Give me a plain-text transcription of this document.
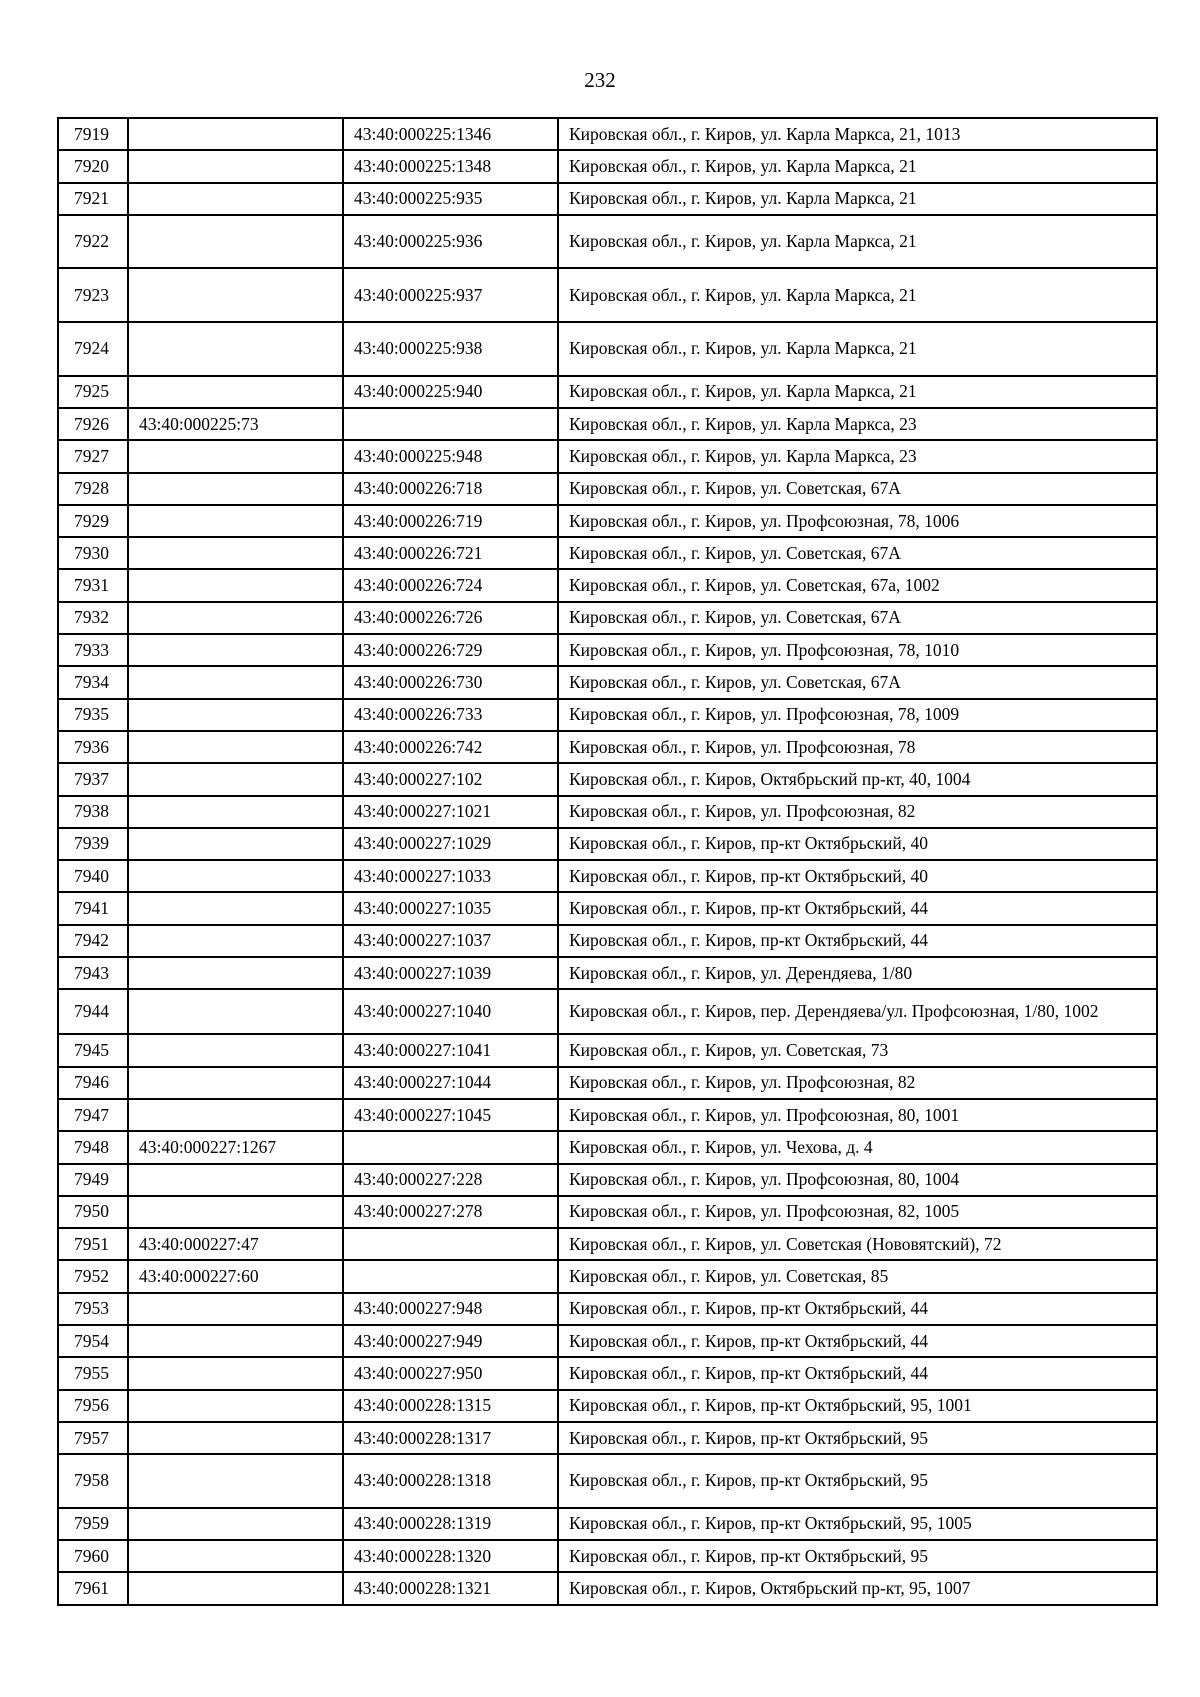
232
7919		43:40:000225:1346	Кировская обл., г. Киров, ул. Карла Маркса, 21, 1013
7920		43:40:000225:1348	Кировская обл., г. Киров, ул. Карла Маркса, 21
7921		43:40:000225:935	Кировская обл., г. Киров, ул. Карла Маркса, 21
7922		43:40:000225:936	Кировская обл., г. Киров, ул. Карла Маркса, 21
7923		43:40:000225:937	Кировская обл., г. Киров, ул. Карла Маркса, 21
7924		43:40:000225:938	Кировская обл., г. Киров, ул. Карла Маркса, 21
7925		43:40:000225:940	Кировская обл., г. Киров, ул. Карла Маркса, 21
7926	43:40:000225:73		Кировская обл., г. Киров, ул. Карла Маркса, 23
7927		43:40:000225:948	Кировская обл., г. Киров, ул. Карла Маркса, 23
7928		43:40:000226:718	Кировская обл., г. Киров, ул. Советская, 67А
7929		43:40:000226:719	Кировская обл., г. Киров, ул. Профсоюзная, 78, 1006
7930		43:40:000226:721	Кировская обл., г. Киров, ул. Советская, 67А
7931		43:40:000226:724	Кировская обл., г. Киров, ул. Советская, 67а, 1002
7932		43:40:000226:726	Кировская обл., г. Киров, ул. Советская, 67А
7933		43:40:000226:729	Кировская обл., г. Киров, ул. Профсоюзная, 78, 1010
7934		43:40:000226:730	Кировская обл., г. Киров, ул. Советская, 67А
7935		43:40:000226:733	Кировская обл., г. Киров, ул. Профсоюзная, 78, 1009
7936		43:40:000226:742	Кировская обл., г. Киров, ул. Профсоюзная, 78
7937		43:40:000227:102	Кировская обл., г. Киров, Октябрьский пр-кт, 40, 1004
7938		43:40:000227:1021	Кировская обл., г. Киров, ул. Профсоюзная, 82
7939		43:40:000227:1029	Кировская обл., г. Киров, пр-кт Октябрьский, 40
7940		43:40:000227:1033	Кировская обл., г. Киров, пр-кт Октябрьский, 40
7941		43:40:000227:1035	Кировская обл., г. Киров, пр-кт Октябрьский, 44
7942		43:40:000227:1037	Кировская обл., г. Киров, пр-кт Октябрьский, 44
7943		43:40:000227:1039	Кировская обл., г. Киров, ул. Дерендяева, 1/80
7944		43:40:000227:1040	Кировская обл., г. Киров, пер. Дерендяева/ул. Профсоюзная, 1/80, 1002
7945		43:40:000227:1041	Кировская обл., г. Киров, ул. Советская, 73
7946		43:40:000227:1044	Кировская обл., г. Киров, ул. Профсоюзная, 82
7947		43:40:000227:1045	Кировская обл., г. Киров, ул. Профсоюзная, 80, 1001
7948	43:40:000227:1267		Кировская обл., г. Киров, ул. Чехова, д. 4
7949		43:40:000227:228	Кировская обл., г. Киров, ул. Профсоюзная, 80, 1004
7950		43:40:000227:278	Кировская обл., г. Киров, ул. Профсоюзная, 82, 1005
7951	43:40:000227:47		Кировская обл., г. Киров, ул. Советская (Нововятский), 72
7952	43:40:000227:60		Кировская обл., г. Киров, ул. Советская, 85
7953		43:40:000227:948	Кировская обл., г. Киров, пр-кт Октябрьский, 44
7954		43:40:000227:949	Кировская обл., г. Киров, пр-кт Октябрьский, 44
7955		43:40:000227:950	Кировская обл., г. Киров, пр-кт Октябрьский, 44
7956		43:40:000228:1315	Кировская обл., г. Киров, пр-кт Октябрьский, 95, 1001
7957		43:40:000228:1317	Кировская обл., г. Киров, пр-кт Октябрьский, 95
7958		43:40:000228:1318	Кировская обл., г. Киров, пр-кт Октябрьский, 95
7959		43:40:000228:1319	Кировская обл., г. Киров, пр-кт Октябрьский, 95, 1005
7960		43:40:000228:1320	Кировская обл., г. Киров, пр-кт Октябрьский, 95
7961		43:40:000228:1321	Кировская обл., г. Киров, Октябрьский пр-кт, 95, 1007
